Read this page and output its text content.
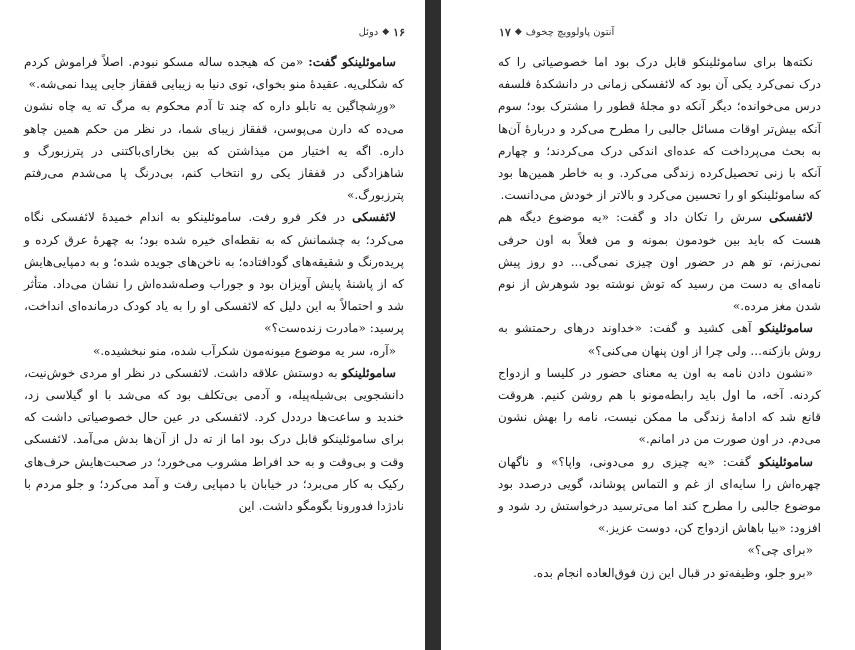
۱۶
◆
دوئل

ساموئلینکو گفت: «من که هیجده ساله مسکو نبودم. اصلاً فراموش کردم که شکلی‌یه. عقیدهٔ منو بخوای، توی دنیا به زیبایی قفقاز جایی پیدا نمی‌شه.»

«ورِشچاگین یه تابلو داره که چند تا آدم محکوم به مرگ ته یه چاه نشون می‌ده که دارن می‌پوسن، قفقاز زیبای شما، در نظر من حکم همین چاهو داره. اگه یه اختیار من میذاشتن که بین بخارای‌باکتنی در پترزبورگ و شاهزادگی در قفقاز یکی رو انتخاب کنم، بی‌درنگ پا می‌شدم می‌رفتم پترزبورگ.»

لائفسکی در فکر فرو رفت. ساموئلینکو به اندام خمیدهٔ لائفسکی نگاه می‌کرد؛ به چشمانش که به نقطه‌ای خیره شده بود؛ به چهرهٔ عرق کرده و پریده‌رنگ و شقیقه‌های گودافتاده؛ به ناخن‌های جویده شده؛ و به دمپایی‌هایش که از پاشنهٔ پایش آویزان بود و جوراب وصله‌شده‌اش را نشان می‌داد. متأثر شد و احتمالاً به این دلیل که لائفسکی او را به یاد کودک درمانده‌ای انداخت، پرسید: «مادرت زنده‌ست؟»

«آره، سر یه موضوع میونه‌مون شکرآب شده، منو نبخشیده.»

ساموئلینکو به دوستش علاقه داشت. لائفسکی در نظر او مردی خوش‌نیت، دانشجویی بی‌شیله‌پیله، و آدمی بی‌تکلف بود که می‌شد با او گیلاسی زد، خندید و ساعت‌ها درددل کرد. لائفسکی در عین حال خصوصیاتی داشت که برای ساموئلینکو قابل درک بود اما از ته دل از آن‌ها بدش می‌آمد. لائفسکی وقت و بی‌وقت و به حد افراط مشروب می‌خورد؛ در صحبت‌هایش حرف‌های رکیک به کار می‌برد؛ در خیابان با دمپایی رفت و آمد می‌کرد؛ و جلو مردم با نادژدا فدورونا بگومگو داشت. این

آنتون پاولوویچ چخوف
◆
۱۷

نکته‌ها برای ساموئلینکو قابل درک بود اما خصوصیاتی را که درک نمی‌کرد یکی آن بود که لائفسکی زمانی در دانشکدهٔ فلسفه درس می‌خوانده؛ دیگر آنکه دو مجلهٔ قطور را مشترک بود؛ سوم آنکه بیش‌تر اوقات مسائل جالبی را مطرح می‌کرد و دربارهٔ آن‌ها به بحث می‌پرداخت که عده‌ای اندکی درک می‌کردند؛ و چهارم آنکه با زنی تحصیل‌کرده زندگی می‌کرد. و به خاطر همین‌ها بود که ساموئلینکو او را تحسین می‌کرد و بالاتر از خودش می‌دانست.

لائفسکی سرش را تکان داد و گفت: «یه موضوع دیگه هم هست که باید بین خودمون بمونه و من فعلاً به اون حرفی نمی‌زنم، تو هم در حضور اون چیزی نمی‌گی... دو روز پیش نامه‌ای به دست من رسید که توش نوشته بود شوهرش از نوم شدن مغز مرده.»

ساموئلینکو آهی کشید و گفت: «خداوند درهای رحمتشو به روش بازکنه... ولی چرا از اون پنهان می‌کنی؟»

«نشون دادن نامه به اون یه معنای حضور در کلیسا و ازدواج کردنه. آخه، ما اول باید رابطه‌مونو با هم روشن کنیم. هروقت قانع شد که ادامهٔ زندگی ما ممکن نیست، نامه را بهش نشون می‌دم. در اون صورت من در امانم.»

ساموئلینکو گفت: «یه چیزی رو می‌دونی، واپا؟» و ناگهان چهره‌اش را سایه‌ای از غم و التماس پوشاند، گویی درصدد بود موضوع جالبی را مطرح کند اما می‌ترسید درخواستش رد شود و افزود: «بیا باهاش ازدواج کن، دوست عزیز.»

«برای چی؟»

«برو جلو، وظیفه‌تو در قبال این زن فوق‌العاده انجام بده.
